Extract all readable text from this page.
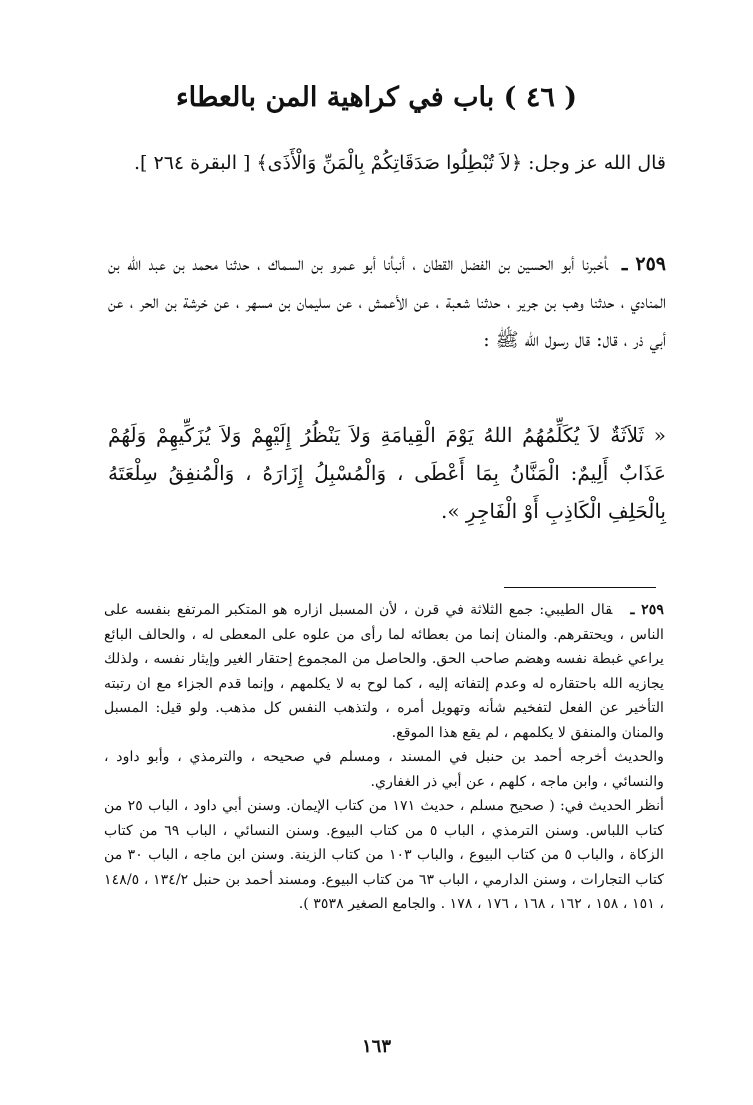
( ٤٦ ) باب في كراهية المن بالعطاء
قال الله عز وجل: ﴿لاَ تُبْطِلُوا صَدَقَاتِكُمْ بِالْمَنِّ وَالْأَذَى﴾ [ البقرة ٢٦٤ ].
٢٥٩ ـأخبرنا أبو الحسين بن الفضل القطان ، أنبأنا أبو عمرو بن السماك ، حدثنا محمد بن عبد الله بن المنادي ، حدثنا وهب بن جرير ، حدثنا شعبة ، عن الأعمش ، عن سليمان بن مسهر ، عن خرشة بن الحر ، عن أبي ذر ، قال: قال رسول الله ﷺ :
« ثَلاَثَةٌ لاَ يُكَلِّمُهُمُ اللهُ يَوْمَ الْقِيامَةِ وَلاَ يَنْظُرُ إِلَيْهِمْ وَلاَ يُزَكِّيهِمْ وَلَهُمْ عَذَابٌ أَلِيمٌ: الْمَنَّانُ بِمَا أَعْطَى ، وَالْمُسْبِلُ إِزَارَهُ ، وَالْمُنفِقُ سِلْعَتَهُ بِالْحَلِفِ الْكَاذِبِ أَوْ الْفَاجِرِ ».

٢٥٩ ـقال الطيبي: جمع الثلاثة في قرن ، لأن المسبل ازاره هو المتكبر المرتفع بنفسه على الناس ، ويحتقرهم. والمنان إنما من بعطائه لما رأى من علوه على المعطى له ، والحالف البائع يراعي غبطة نفسه وهضم صاحب الحق. والحاصل من المجموع إحتقار الغير وإيثار نفسه ، ولذلك يجازيه الله باحتقاره له وعدم إلتفاته إليه ، كما لوح به لا يكلمهم ، وإنما قدم الجزاء مع ان رتبته التأخير عن الفعل لتفخيم شأنه وتهويل أمره ، ولتذهب النفس كل مذهب. ولو قيل: المسبل والمنان والمنفق لا يكلمهم ، لم يقع هذا الموقع.

والحديث أخرجه أحمد بن حنبل في المسند ، ومسلم في صحيحه ، والترمذي ، وأبو داود ، والنسائي ، وابن ماجه ، كلهم ، عن أبي ذر الغفاري.

أنظر الحديث في: ( صحيح مسلم ، حديث ١٧١ من كتاب الإيمان. وسنن أبي داود ، الباب ٢٥ من كتاب اللباس. وسنن الترمذي ، الباب ٥ من كتاب البيوع. وسنن النسائي ، الباب ٦٩ من كتاب الزكاة ، والباب ٥ من كتاب البيوع ، والباب ١٠٣ من كتاب الزينة. وسنن ابن ماجه ، الباب ٣٠ من كتاب التجارات ، وسنن الدارمي ، الباب ٦٣ من كتاب البيوع. ومسند أحمد بن حنبل ١٣٤/٢ ، ١٤٨/٥ ، ١٥١ ، ١٥٨ ، ١٦٢ ، ١٦٨ ، ١٧٦ ، ١٧٨ . والجامع الصغير ٣٥٣٨ ).

١٦٣
